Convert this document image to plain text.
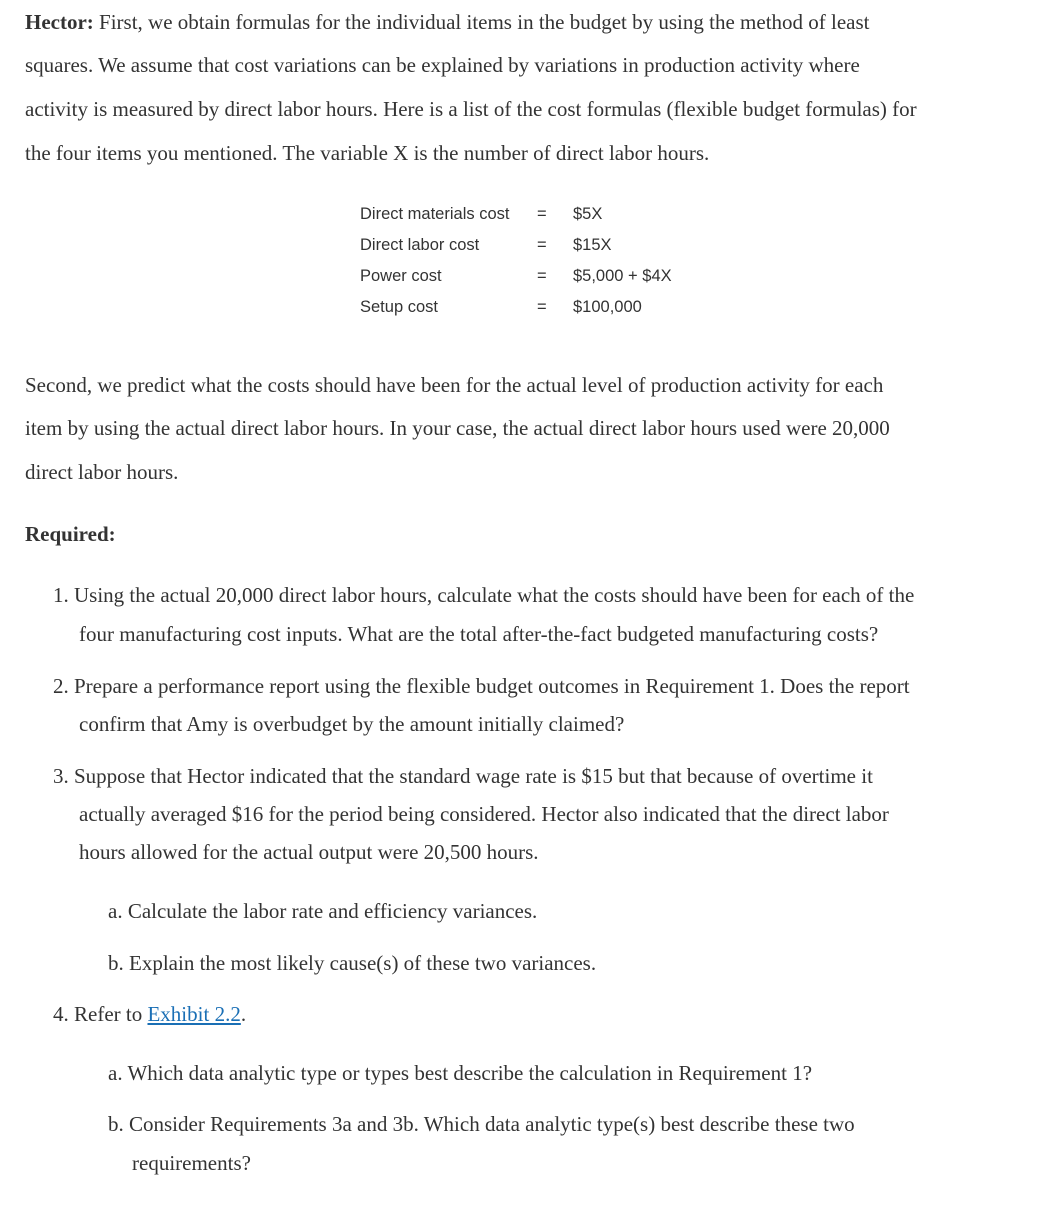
Hector: First, we obtain formulas for the individual items in the budget by using the method of least

squares. We assume that cost variations can be explained by variations in production activity where

activity is measured by direct labor hours. Here is a list of the cost formulas (flexible budget formulas) for

the four items you mentioned. The variable X is the number of direct labor hours.

Direct materials cost = $5X
Direct labor cost	= $15X
Power cost	= $5,000 + $4X
Setup cost	= $100,000
Second, we predict what the costs should have been for the actual level of production activity for each
item by using the actual direct labor hours. In your case, the actual direct labor hours used were 20,000
direct labor hours.
Required:
1. Using the actual 20,000 direct labor hours, calculate what the costs should have been for each of the
four manufacturing cost inputs. What are the total after-the-fact budgeted manufacturing costs?
2. Prepare a performance report using the flexible budget outcomes in Requirement 1. Does the report
confirm that Amy is overbudget by the amount initially claimed?
3. Suppose that Hector indicated that the standard wage rate is $15 but that because of overtime it
actually averaged $16 for the period being considered. Hector also indicated that the direct labor
hours allowed for the actual output were 20,500 hours.
a. Calculate the labor rate and efficiency variances.
b. Explain the most likely cause(s) of these two variances.
4. Refer to Exhibit 2.2.
a. Which data analytic type or types best describe the calculation in Requirement 1?
b. Consider Requirements 3a and 3b. Which data analytic type(s) best describe these two
requirements?
